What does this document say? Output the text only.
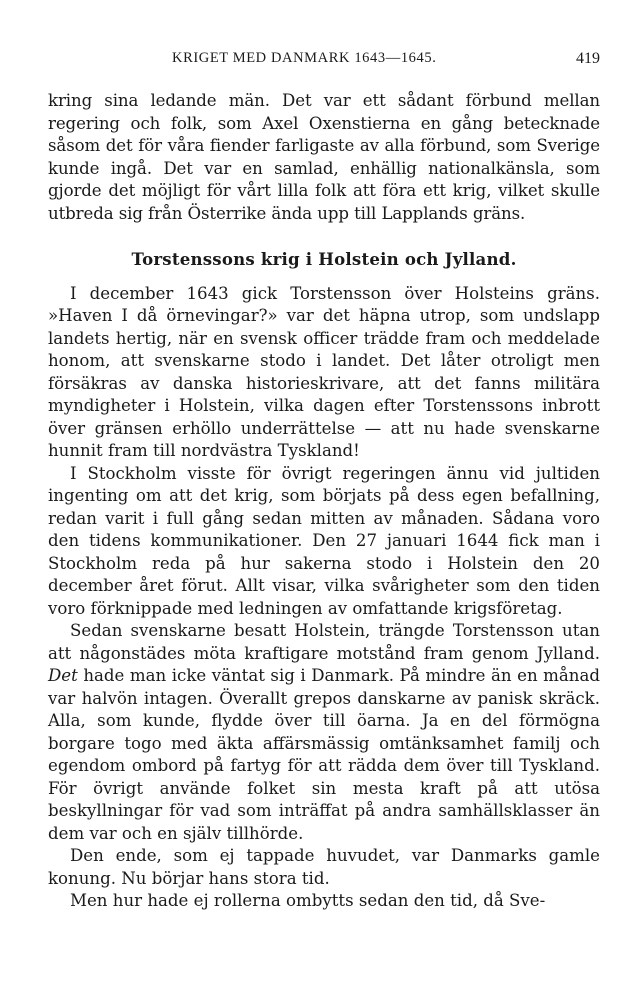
KRIGET MED DANMARK 1643—1645.	419

kring sina ledande män. Det var ett sådant förbund mellan regering och folk, som Axel Oxenstierna en gång betecknade såsom det för våra fiender farligaste av alla förbund, som Sverige kunde ingå. Det var en samlad, enhällig nationalkänsla, som gjorde det möjligt för vårt lilla folk att föra ett krig, vilket skulle utbreda sig från Österrike ända upp till Lapplands gräns.

Torstenssons krig i Holstein och Jylland.

I december 1643 gick Torstensson över Holsteins gräns. »Haven I då örnevingar?» var det häpna utrop, som undslapp landets hertig, när en svensk officer trädde fram och meddelade honom, att svenskarne stodo i landet. Det låter otroligt men försäkras av danska historieskrivare, att det fanns militära myndigheter i Holstein, vilka dagen efter Torstenssons inbrott över gränsen erhöllo underrättelse — att nu hade svenskarne hunnit fram till nordvästra Tyskland!

I Stockholm visste för övrigt regeringen ännu vid jultiden ingenting om att det krig, som börjats på dess egen befallning, redan varit i full gång sedan mitten av månaden. Sådana voro den tidens kommunikationer. Den 27 januari 1644 fick man i Stockholm reda på hur sakerna stodo i Holstein den 20 december året förut. Allt visar, vilka svårigheter som den tiden voro förknippade med ledningen av omfattande krigsföretag.

Sedan svenskarne besatt Holstein, trängde Torstensson utan att någonstädes möta kraftigare motstånd fram genom Jylland. Det hade man icke väntat sig i Danmark. På mindre än en månad var halvön intagen. Överallt grepos danskarne av panisk skräck. Alla, som kunde, flydde över till öarna. Ja en del förmögna borgare togo med äkta affärsmässig omtänksamhet familj och egendom ombord på fartyg för att rädda dem över till Tyskland. För övrigt använde folket sin mesta kraft på att utösa beskyllningar för vad som inträffat på andra samhällsklasser än dem var och en själv tillhörde.

Den ende, som ej tappade huvudet, var Danmarks gamle konung. Nu börjar hans stora tid.

Men hur hade ej rollerna ombytts sedan den tid, då Sve-
